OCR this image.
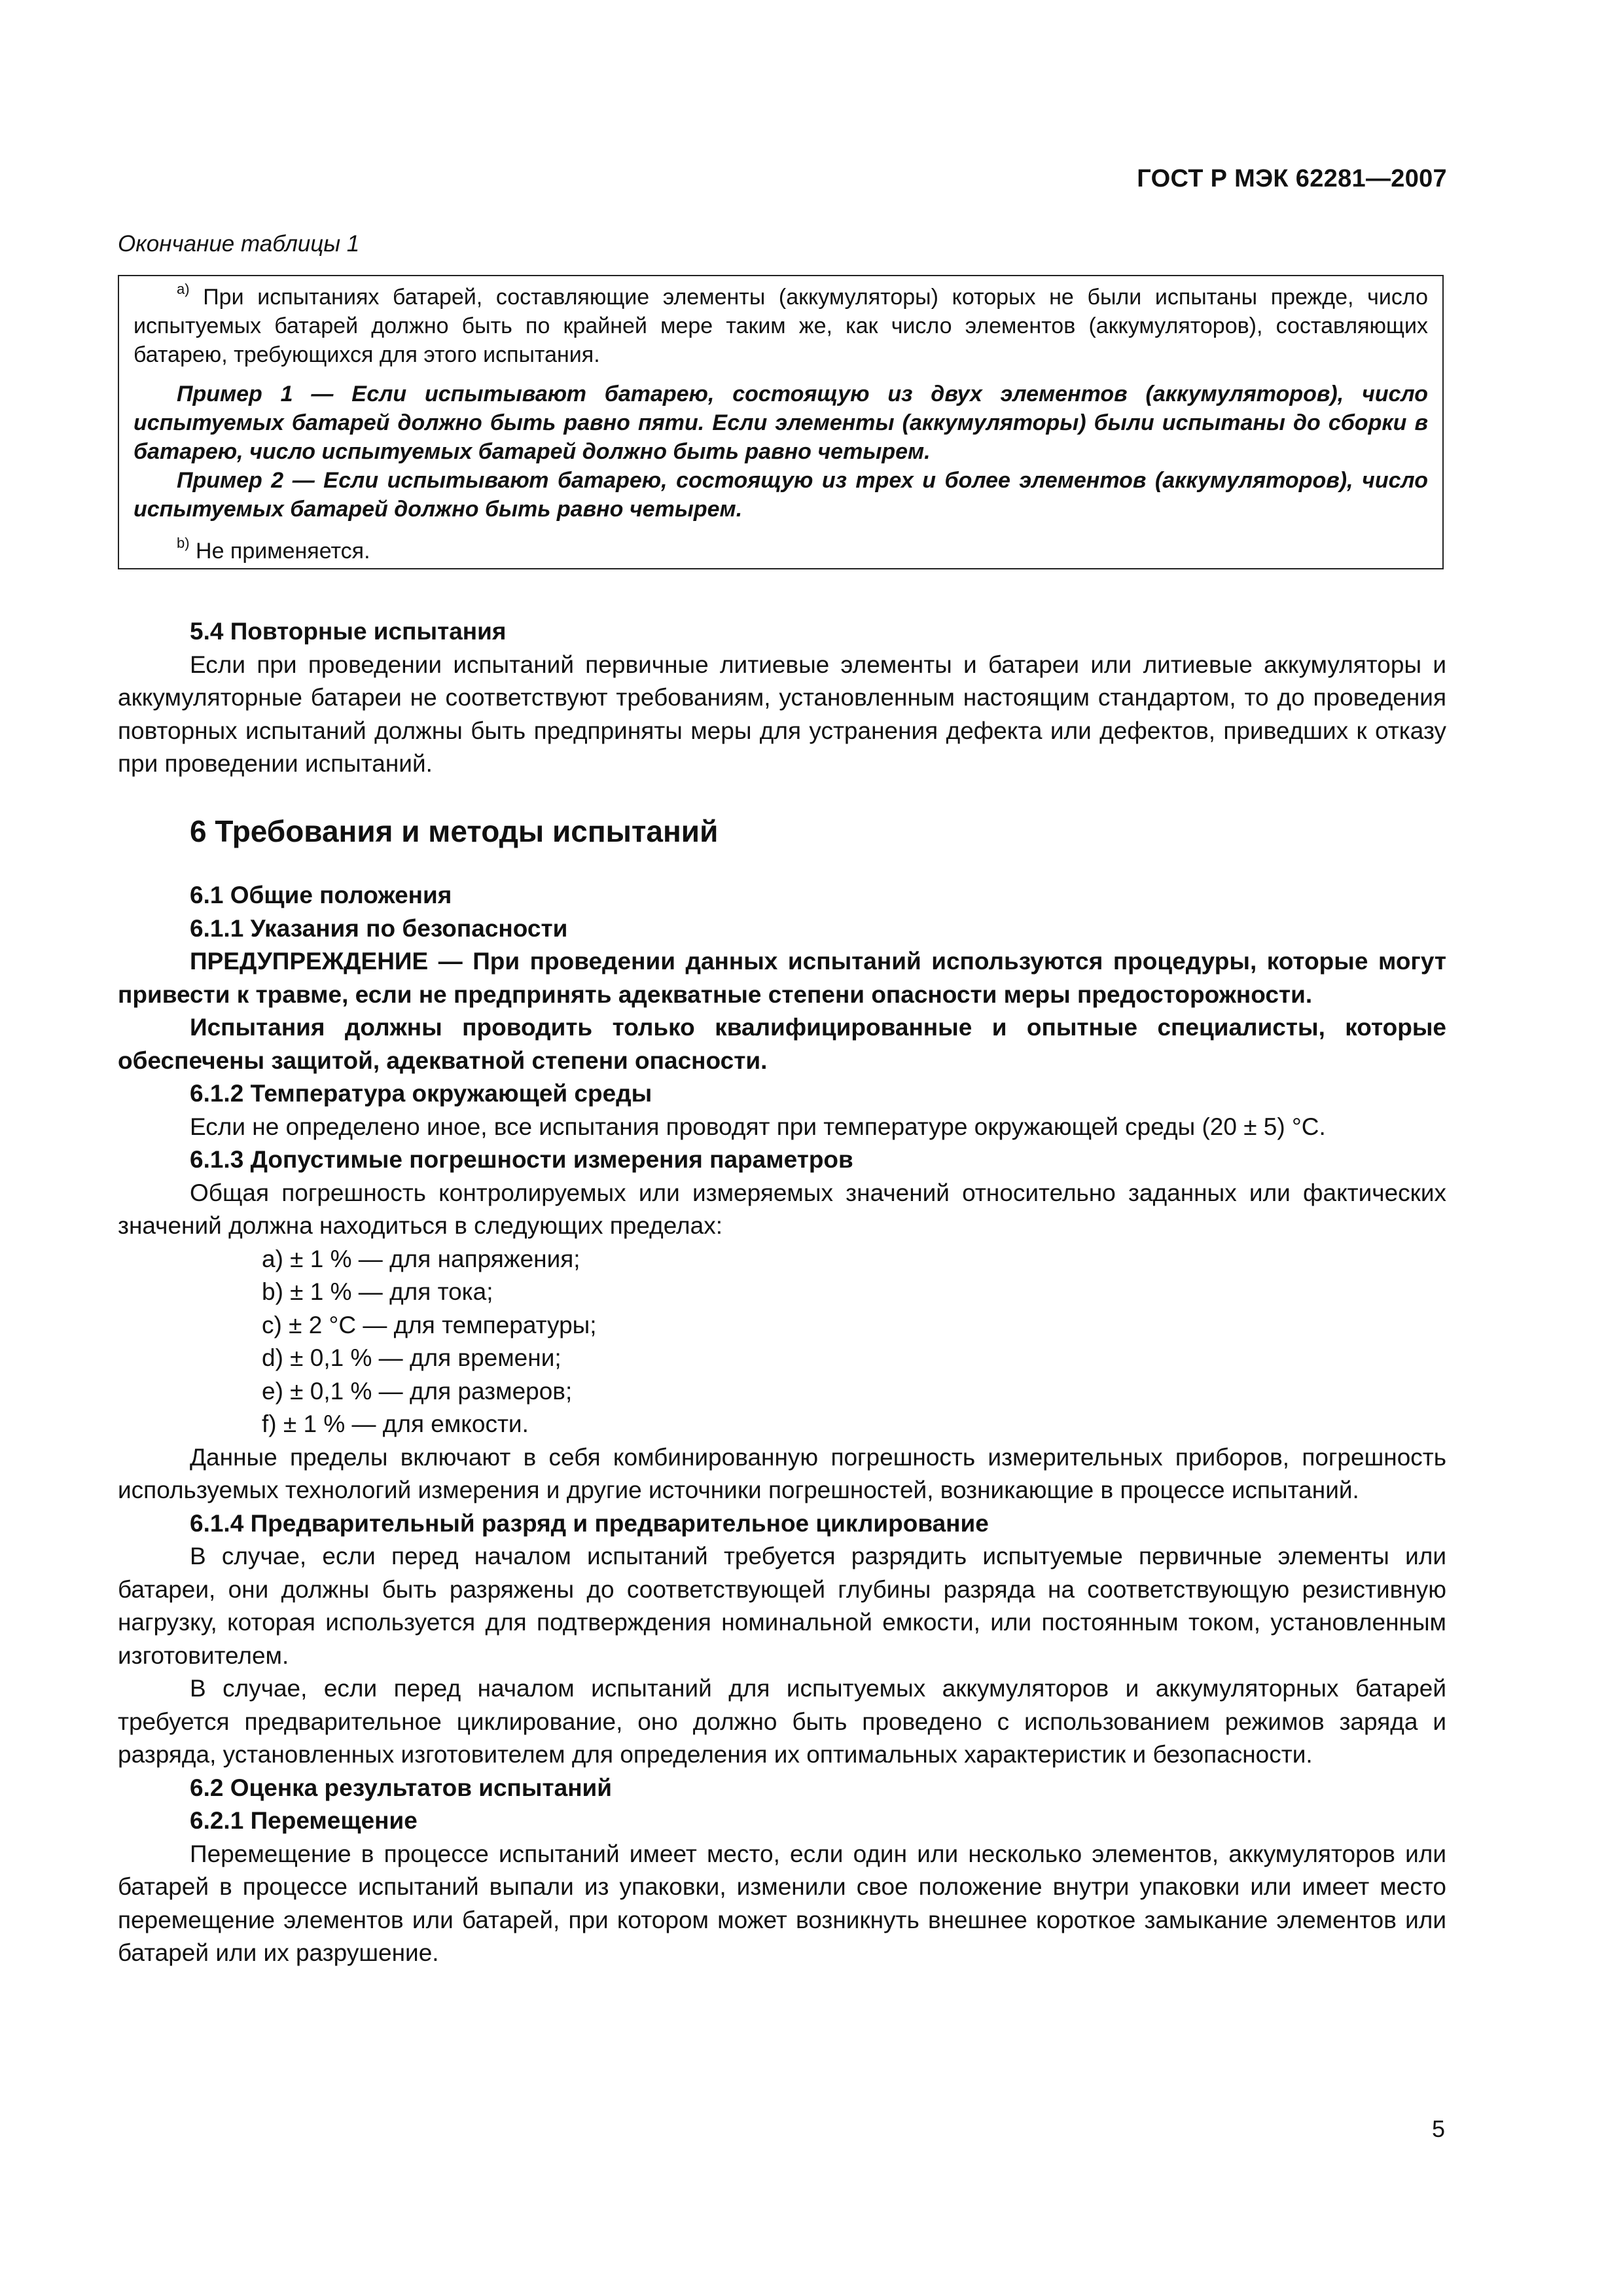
ГОСТ Р МЭК 62281—2007
Окончание таблицы 1

$^{a)}$ При испытаниях батарей, составляющие элементы (аккумуляторы) которых не были испытаны прежде, число испытуемых батарей должно быть по крайней мере таким же, как число элементов (аккумуляторов), составляющих батарею, требующихся для этого испытания.

Пример 1 — Если испытывают батарею, состоящую из двух элементов (аккумуляторов), число испытуемых батарей должно быть равно пяти. Если элементы (аккумуляторы) были испытаны до сборки в батарею, число испытуемых батарей должно быть равно четырем.

Пример 2 — Если испытывают батарею, состоящую из трех и более элементов (аккумуляторов), число испытуемых батарей должно быть равно четырем.

$^{b)}$ Не применяется.

5.4 Повторные испытания

Если при проведении испытаний первичные литиевые элементы и батареи или литиевые аккумуляторы и аккумуляторные батареи не соответствуют требованиям, установленным настоящим стандартом, то до проведения повторных испытаний должны быть предприняты меры для устранения дефекта или дефектов, приведших к отказу при проведении испытаний.

6 Требования и методы испытаний

6.1 Общие положения

6.1.1 Указания по безопасности

ПРЕДУПРЕЖДЕНИЕ — При проведении данных испытаний используются процедуры, которые могут привести к травме, если не предпринять адекватные степени опасности меры предосторожности.

Испытания должны проводить только квалифицированные и опытные специалисты, которые обеспечены защитой, адекватной степени опасности.

6.1.2 Температура окружающей среды

Если не определено иное, все испытания проводят при температуре окружающей среды (20 ± 5) °С.

6.1.3 Допустимые погрешности измерения параметров

Общая погрешность контролируемых или измеряемых значений относительно заданных или фактических значений должна находиться в следующих пределах:

а) ± 1 % — для напряжения;

b) ± 1 % — для тока;

c) ± 2 °С — для температуры;

d) ± 0,1 % — для времени;

e) ± 0,1 % — для размеров;

f) ± 1 % — для емкости.

Данные пределы включают в себя комбинированную погрешность измерительных приборов, погрешность используемых технологий измерения и другие источники погрешностей, возникающие в процессе испытаний.

6.1.4 Предварительный разряд и предварительное циклирование

В случае, если перед началом испытаний требуется разрядить испытуемые первичные элементы или батареи, они должны быть разряжены до соответствующей глубины разряда на соответствующую резистивную нагрузку, которая используется для подтверждения номинальной емкости, или постоянным током, установленным изготовителем.

В случае, если перед началом испытаний для испытуемых аккумуляторов и аккумуляторных батарей требуется предварительное циклирование, оно должно быть проведено с использованием режимов заряда и разряда, установленных изготовителем для определения их оптимальных характеристик и безопасности.

6.2 Оценка результатов испытаний

6.2.1 Перемещение

Перемещение в процессе испытаний имеет место, если один или несколько элементов, аккумуляторов или батарей в процессе испытаний выпали из упаковки, изменили свое положение внутри упаковки или имеет место перемещение элементов или батарей, при котором может возникнуть внешнее короткое замыкание элементов или батарей или их разрушение.

5
